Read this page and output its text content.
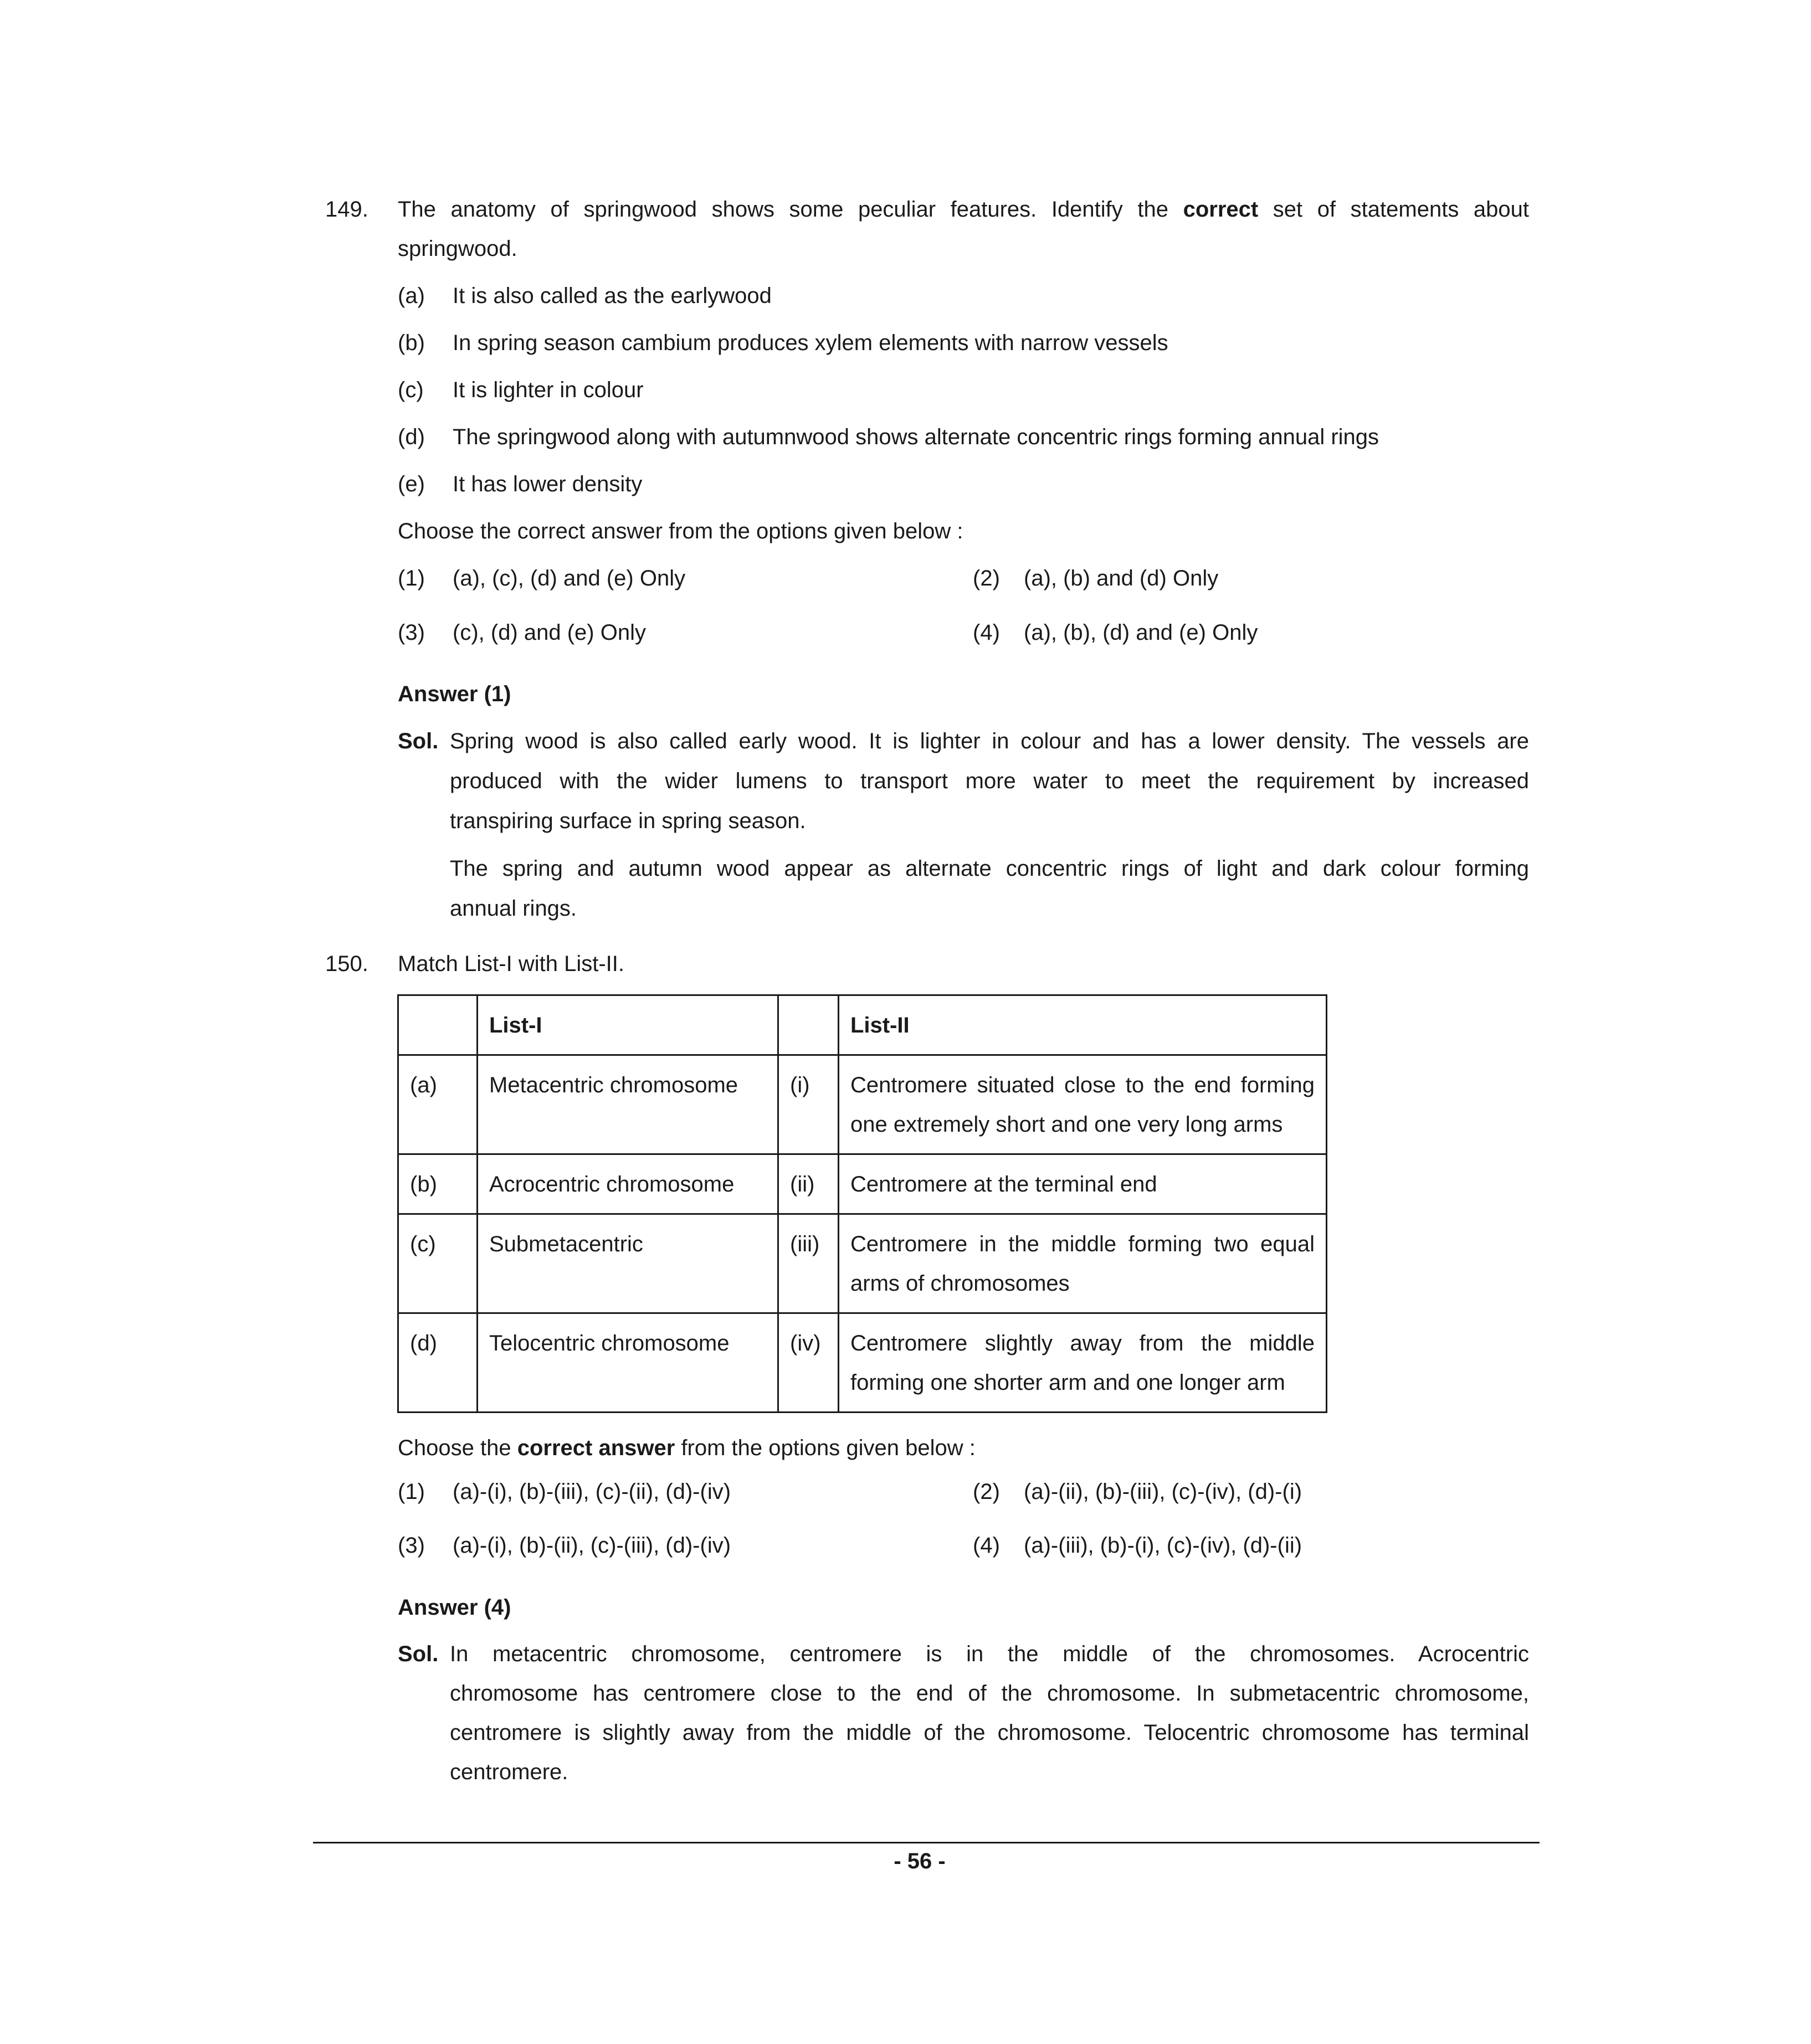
149. The anatomy of springwood shows some peculiar features. Identify the correct set of statements about
springwood.
(a) It is also called as the earlywood
(b) In spring season cambium produces xylem elements with narrow vessels
(c) It is lighter in colour
(d) The springwood along with autumnwood shows alternate concentric rings forming annual rings
(e) It has lower density
Choose the correct answer from the options given below :
(1) (a), (c), (d) and (e) Only	(2) (a), (b) and (d) Only
(3) (c), (d) and (e) Only	(4) (a), (b), (d) and (e) Only
Answer (1)
Sol. Spring wood is also called early wood. It is lighter in colour and has a lower density. The vessels are
produced with the wider lumens to transport more water to meet the requirement by increased
transpiring surface in spring season.
The spring and autumn wood appear as alternate concentric rings of light and dark colour forming
annual rings.
150. Match List-I with List-II.
	List-I		List-II
(a)	Metacentric chromosome	(i)	Centromere situated close to the end forming one extremely short and one very long arms
(b)	Acrocentric chromosome	(ii)	Centromere at the terminal end
(c)	Submetacentric	(iii)	Centromere in the middle forming two equal arms of chromosomes
(d)	Telocentric chromosome	(iv)	Centromere slightly away from the middle forming one shorter arm and one longer arm
Choose the correct answer from the options given below :
(1) (a)-(i), (b)-(iii), (c)-(ii), (d)-(iv)	(2) (a)-(ii), (b)-(iii), (c)-(iv), (d)-(i)
(3) (a)-(i), (b)-(ii), (c)-(iii), (d)-(iv)	(4) (a)-(iii), (b)-(i), (c)-(iv), (d)-(ii)
Answer (4)
Sol. In metacentric chromosome, centromere is in the middle of the chromosomes. Acrocentric
chromosome has centromere close to the end of the chromosome. In submetacentric chromosome,
centromere is slightly away from the middle of the chromosome. Telocentric chromosome has terminal
centromere.
- 56 -
